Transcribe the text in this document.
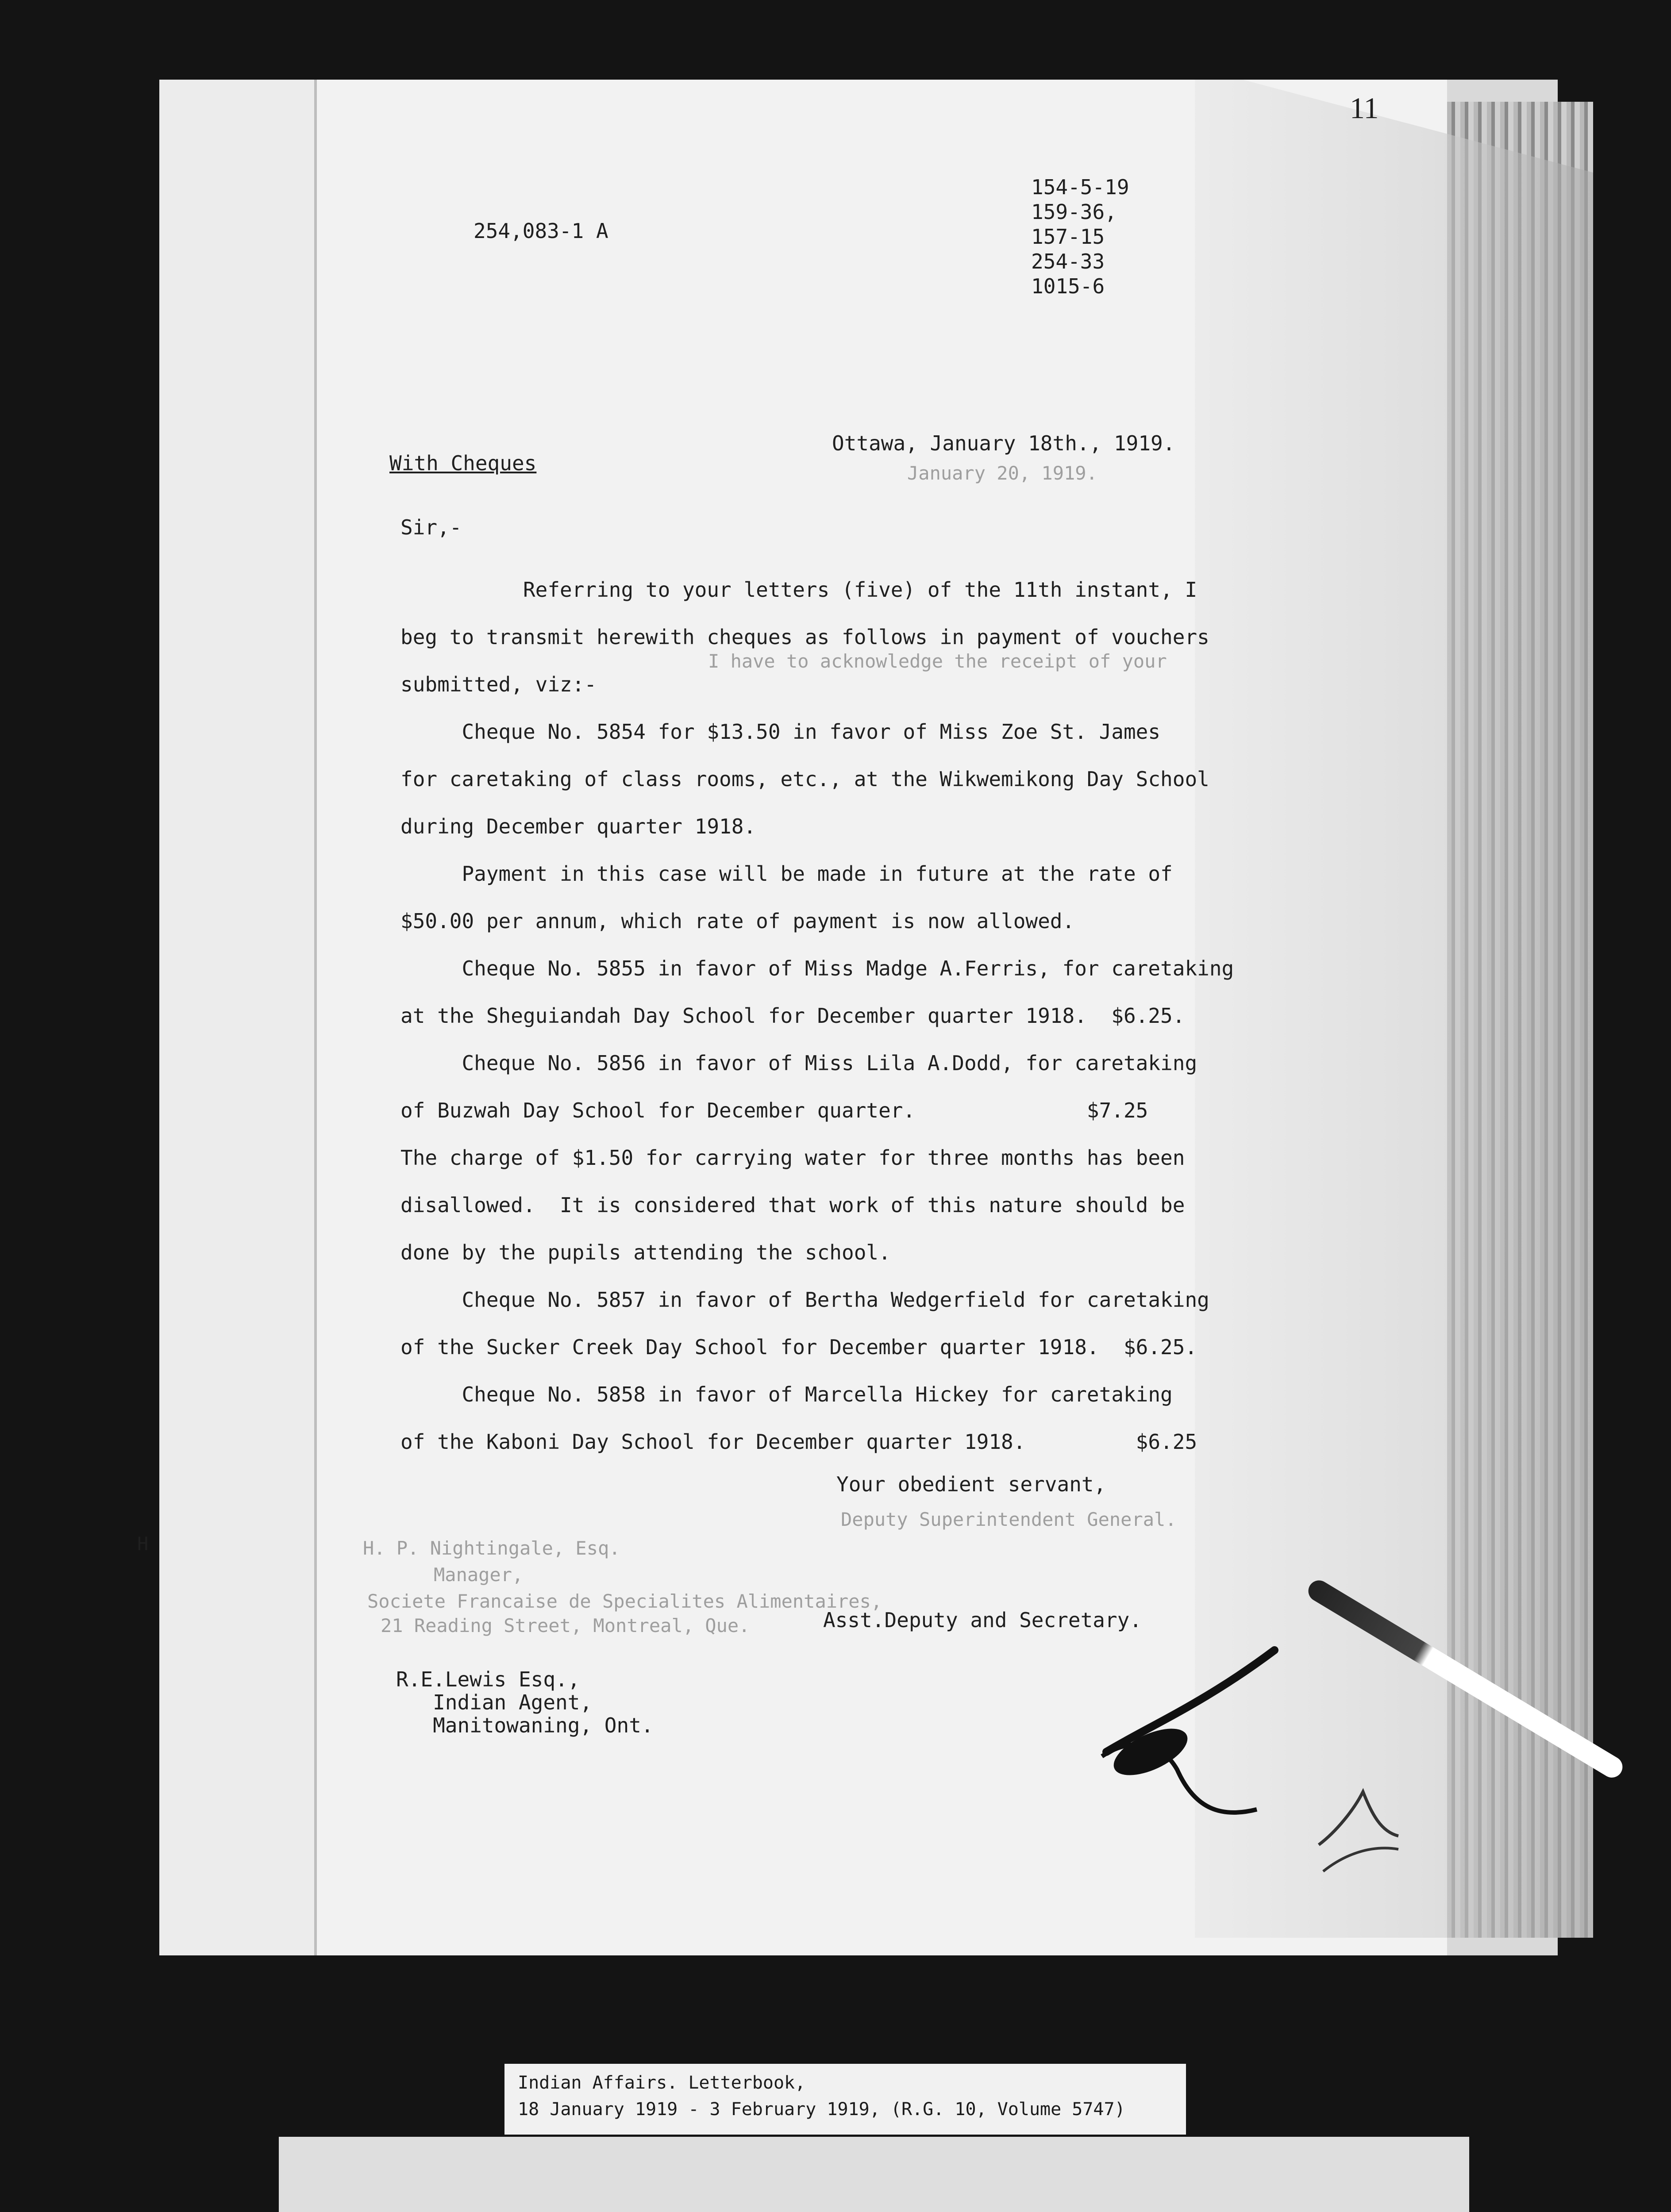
11
154-5-19
159-36,
157-15
254-33
1015-6
254,083-1 A
Ottawa, January 18th., 1919.
January 20, 1919.
With Cheques
Sir,-
I have to acknowledge the receipt of your

Referring to your letters (five) of the 11th instant, I

beg to transmit herewith cheques as follows in payment of vouchers

submitted, viz:-

Cheque No. 5854 for $13.50 in favor of Miss Zoe St. James

for caretaking of class rooms, etc., at the Wikwemikong Day School

during December quarter 1918.

Payment in this case will be made in future at the rate of

$50.00 per annum, which rate of payment is now allowed.

Cheque No. 5855 in favor of Miss Madge A.Ferris, for caretaking

at the Sheguiandah Day School for December quarter 1918.  $6.25.

Cheque No. 5856 in favor of Miss Lila A.Dodd, for caretaking

of Buzwah Day School for December quarter.              $7.25

The charge of $1.50 for carrying water for three months has been

disallowed.  It is considered that work of this nature should be

done by the pupils attending the school.

Cheque No. 5857 in favor of Bertha Wedgerfield for caretaking

of the Sucker Creek Day School for December quarter 1918.  $6.25.

Cheque No. 5858 in favor of Marcella Hickey for caretaking

of the Kaboni Day School for December quarter 1918.         $6.25

Your obedient servant,
Deputy Superintendent General.
H. P. Nightingale, Esq.
Manager,
Societe Francaise de Specialites Alimentaires,
21 Reading Street, Montreal, Que.	Asst.Deputy and Secretary.
R.E.Lewis Esq.,
Indian Agent,
Manitowaning, Ont.
H
Indian Affairs. Letterbook,
18 January 1919 - 3 February 1919, (R.G. 10, Volume 5747)
